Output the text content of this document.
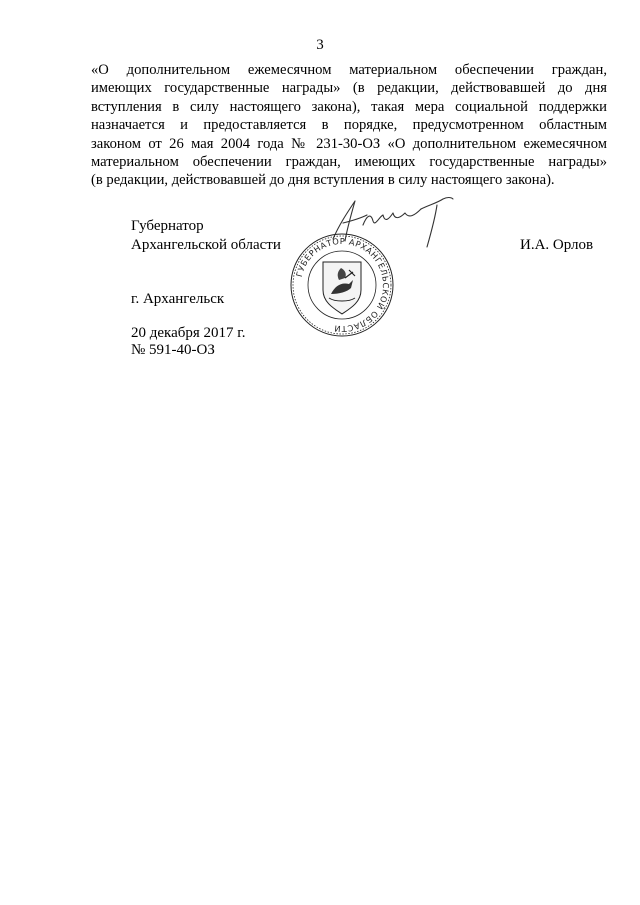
3
«О дополнительном ежемесячном материальном обеспечении граждан,
имеющих государственные награды» (в редакции, действовавшей до дня
вступления в силу настоящего закона), такая мера социальной поддержки
назначается и предоставляется в порядке, предусмотренном областным
законом от 26 мая 2004 года № 231-30-ОЗ «О дополнительном ежемесячном
материальном обеспечении граждан, имеющих государственные награды»
(в редакции, действовавшей до дня вступления в силу настоящего закона).
Губернатор
Архангельской области	И.А. Орлов
ГУБЕРНАТОР АРХАНГЕЛЬСКОЙ ОБЛАСТИ
г. Архангельск
20 декабря 2017 г.
№ 591-40-ОЗ
